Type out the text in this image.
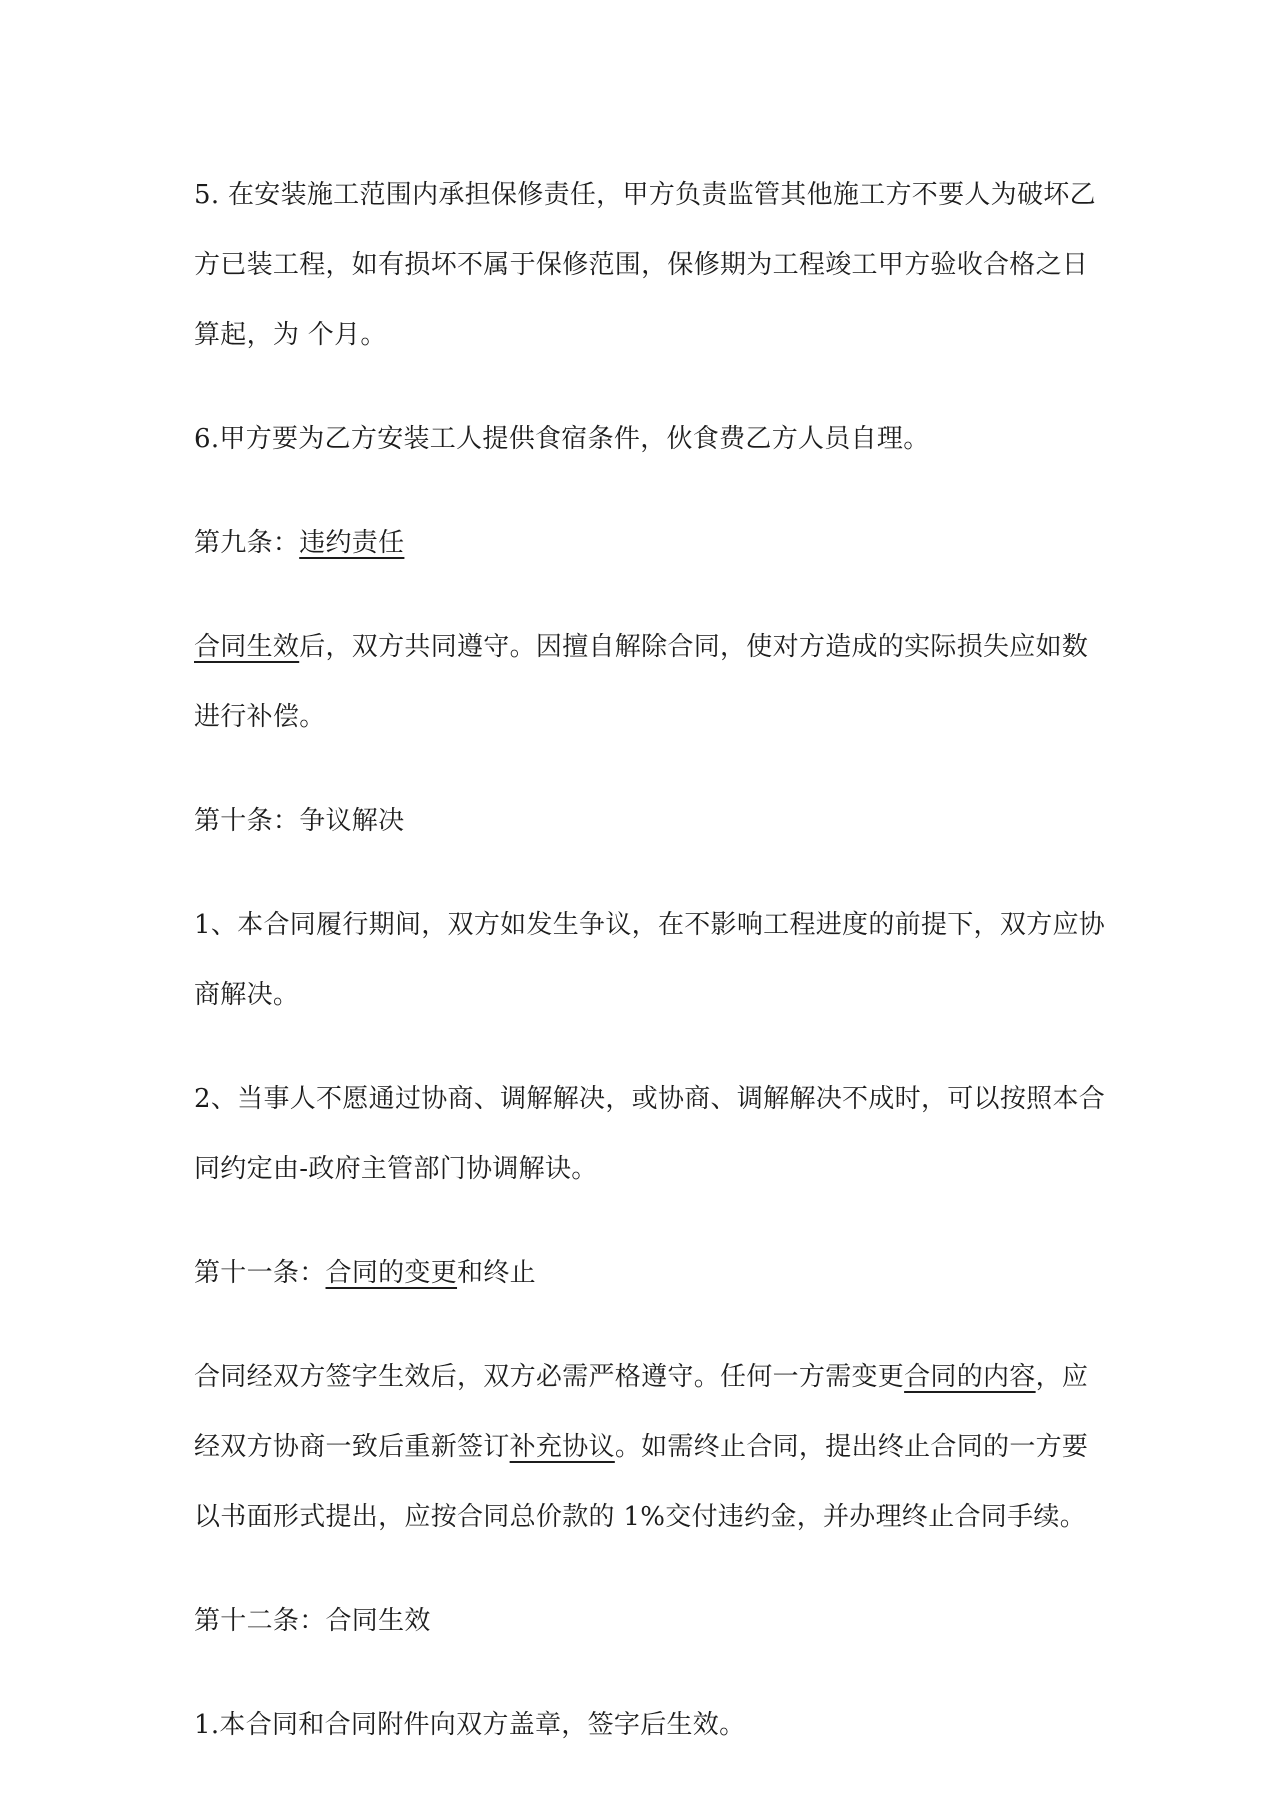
5. 在安装施工范围内承担保修责任，甲方负责监管其他施工方不要人为破坏乙
方已装工程，如有损坏不属于保修范围，保修期为工程竣工甲方验收合格之日
算起，为 个月。

6.甲方要为乙方安装工人提供食宿条件，伙食费乙方人员自理。

第九条：违约责任

合同生效后，双方共同遵守。因擅自解除合同，使对方造成的实际损失应如数
进行补偿。

第十条：争议解决

1、本合同履行期间，双方如发生争议，在不影响工程进度的前提下，双方应协
商解决。

2、当事人不愿通过协商、调解解决，或协商、调解解决不成时，可以按照本合
同约定由-政府主管部门协调解诀。

第十一条：合同的变更和终止

合同经双方签字生效后，双方必需严格遵守。任何一方需变更合同的内容，应
经双方协商一致后重新签订补充协议。如需终止合同，提出终止合同的一方要
以书面形式提出，应按合同总价款的 1%交付违约金，并办理终止合同手续。

第十二条：合同生效

1.本合同和合同附件向双方盖章，签字后生效。
